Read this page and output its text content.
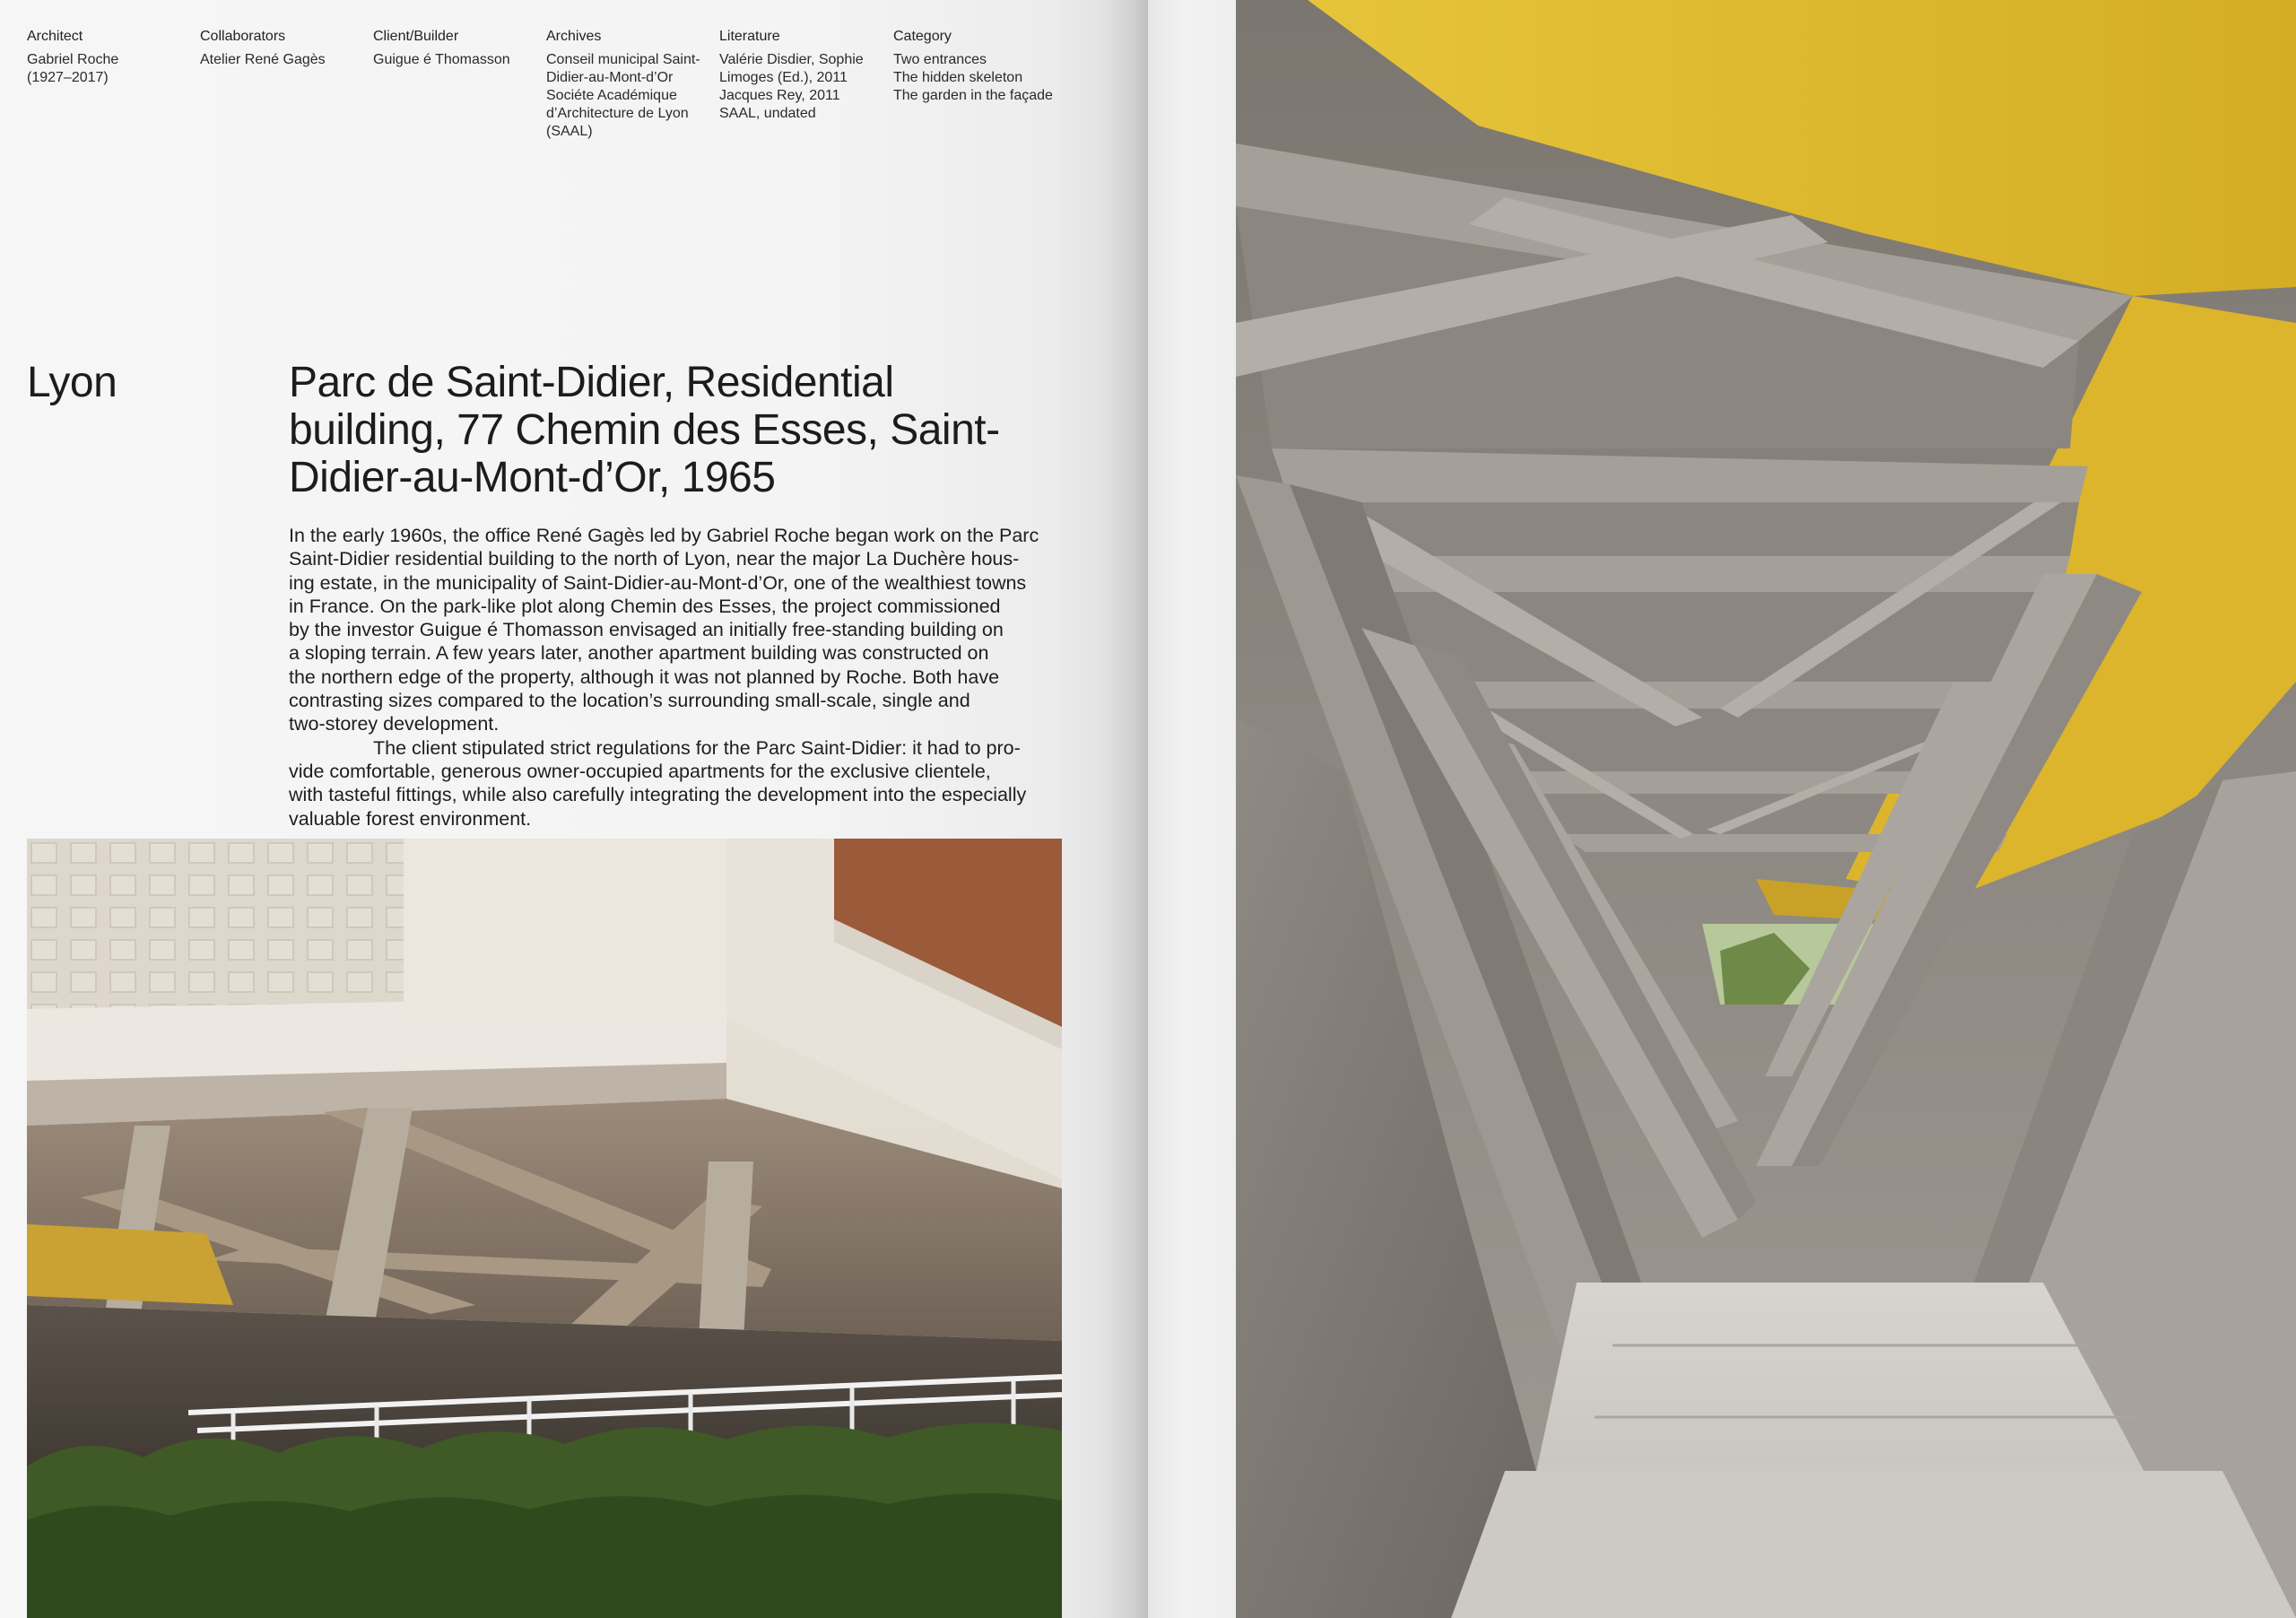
Architect
Gabriel Roche
(1927–2017)
Collaborators
Atelier René Gagès
Client/Builder
Guigue é Thomasson
Archives
Conseil municipal Saint-
Didier-au-Mont-d’Or
Sociéte Académique
d’Architecture de Lyon
(SAAL)
Literature
Valérie Disdier, Sophie
Limoges (Ed.), 2011
Jacques Rey, 2011
SAAL, undated
Category
Two entrances
The hidden skeleton
The garden in the façade
Lyon	Parc de Saint-Didier, Residential
building, 77 Chemin des Esses, Saint-
Didier-au-Mont-d’Or, 1965
In the early 1960s, the office René Gagès led by Gabriel Roche began work on the Parc
Saint-Didier residential building to the north of Lyon, near the major La Duchère hous-
ing estate, in the municipality of Saint-Didier-au-Mont-d’Or, one of the wealthiest towns
in France. On the park-like plot along Chemin des Esses, the project commissioned
by the investor Guigue é Thomasson envisaged an initially free-standing building on
a sloping terrain. A few years later, another apartment building was constructed on
the northern edge of the property, although it was not planned by Roche. Both have
contrasting sizes compared to the location’s surrounding small-scale, single and
two-storey development.
The client stipulated strict regulations for the Parc Saint-Didier: it had to pro-
vide comfortable, generous owner-occupied apartments for the exclusive clientele,
with tasteful fittings, while also carefully integrating the development into the especially
valuable forest environment.
